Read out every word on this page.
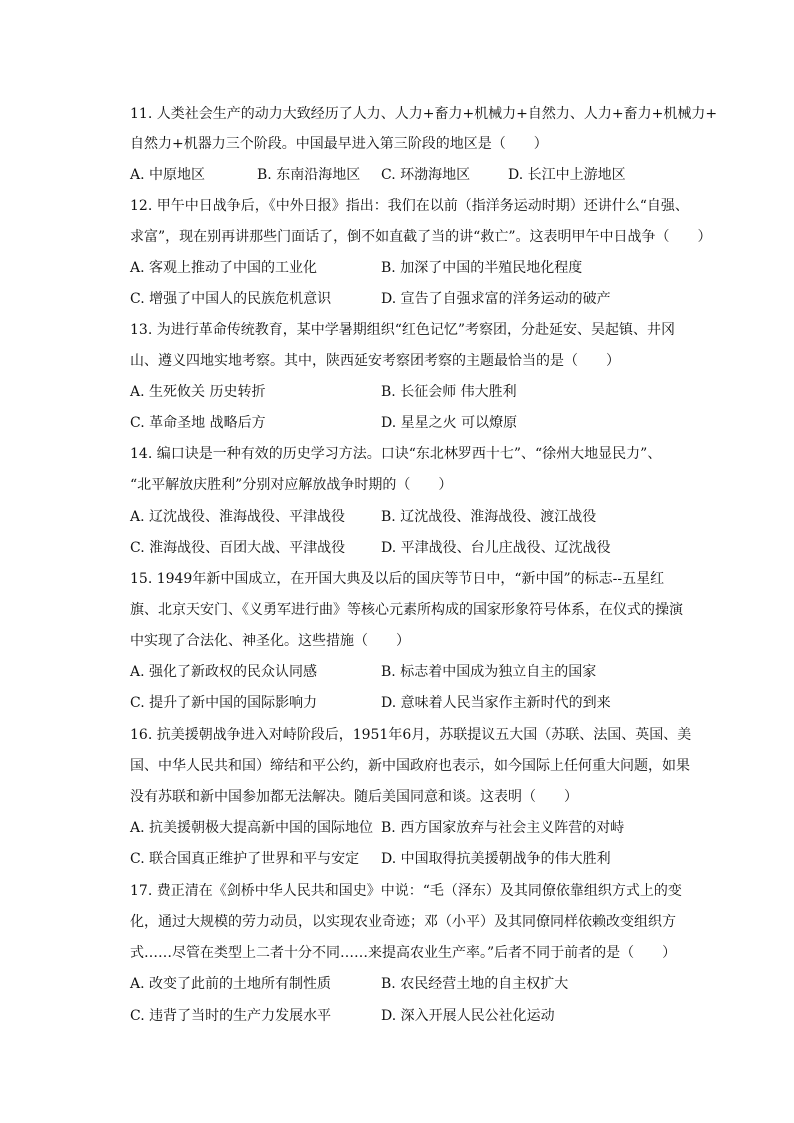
11. 人类社会生产的动力大致经历了人力、人力+畜力+机械力+自然力、人力+畜力+机械力+
自然力+机器力三个阶段。中国最早进入第三阶段的地区是（　　）
A. 中原地区	B. 东南沿海地区 C. 环渤海地区	D. 长江中上游地区
12. 甲午中日战争后，《中外日报》指出：我们在以前（指洋务运动时期）还讲什么“自强、
求富”，现在别再讲那些门面话了，倒不如直截了当的讲“救亡”。这表明甲午中日战争（　　）
A. 客观上推动了中国的工业化	B. 加深了中国的半殖民地化程度
C. 增强了中国人的民族危机意识	D. 宣告了自强求富的洋务运动的破产
13. 为进行革命传统教育，某中学暑期组织“红色记忆”考察团，分赴延安、吴起镇、井冈
山、遵义四地实地考察。其中，陕西延安考察团考察的主题最恰当的是（　　）
A. 生死攸关 历史转折	B. 长征会师 伟大胜利
C. 革命圣地 战略后方	D. 星星之火 可以燎原
14. 编口诀是一种有效的历史学习方法。口诀“东北林罗西十七”、“徐州大地显民力”、
“北平解放庆胜利”分别对应解放战争时期的（　　）
A. 辽沈战役、淮海战役、平津战役	B. 辽沈战役、淮海战役、渡江战役
C. 淮海战役、百团大战、平津战役	D. 平津战役、台儿庄战役、辽沈战役
15. 1949年新中国成立，在开国大典及以后的国庆等节日中，“新中国”的标志--五星红
旗、北京天安门、《义勇军进行曲》等核心元素所构成的国家形象符号体系，在仪式的操演
中实现了合法化、神圣化。这些措施（　　）
A. 强化了新政权的民众认同感	B. 标志着中国成为独立自主的国家
C. 提升了新中国的国际影响力	D. 意味着人民当家作主新时代的到来
16. 抗美援朝战争进入对峙阶段后，1951年6月，苏联提议五大国（苏联、法国、英国、美
国、中华人民共和国）缔结和平公约，新中国政府也表示，如今国际上任何重大问题，如果
没有苏联和新中国参加都无法解决。随后美国同意和谈。这表明（　　）
A. 抗美援朝极大提高新中国的国际地位 B. 西方国家放弃与社会主义阵营的对峙
C. 联合国真正维护了世界和平与安定 D. 中国取得抗美援朝战争的伟大胜利
17. 费正清在《剑桥中华人民共和国史》中说：“毛（泽东）及其同僚依靠组织方式上的变
化，通过大规模的劳力动员，以实现农业奇迹；邓（小平）及其同僚同样依赖改变组织方
式……尽管在类型上二者十分不同……来提高农业生产率。”后者不同于前者的是（　　）
A. 改变了此前的土地所有制性质	B. 农民经营土地的自主权扩大
C. 违背了当时的生产力发展水平	D. 深入开展人民公社化运动
